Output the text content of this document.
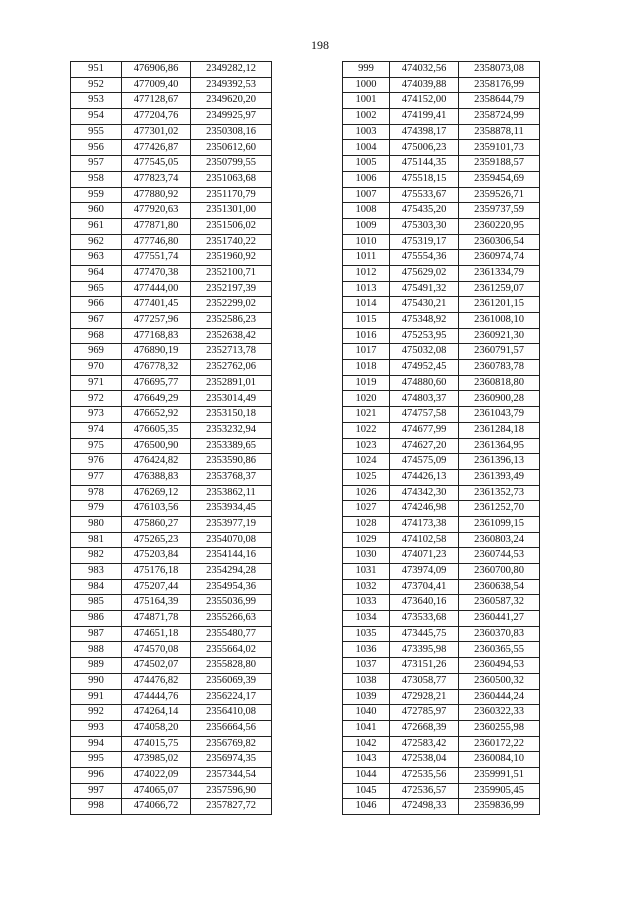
198
951	476906,86	2349282,12
952	477009,40	2349392,53
953	477128,67	2349620,20
954	477204,76	2349925,97
955	477301,02	2350308,16
956	477426,87	2350612,60
957	477545,05	2350799,55
958	477823,74	2351063,68
959	477880,92	2351170,79
960	477920,63	2351301,00
961	477871,80	2351506,02
962	477746,80	2351740,22
963	477551,74	2351960,92
964	477470,38	2352100,71
965	477444,00	2352197,39
966	477401,45	2352299,02
967	477257,96	2352586,23
968	477168,83	2352638,42
969	476890,19	2352713,78
970	476778,32	2352762,06
971	476695,77	2352891,01
972	476649,29	2353014,49
973	476652,92	2353150,18
974	476605,35	2353232,94
975	476500,90	2353389,65
976	476424,82	2353590,86
977	476388,83	2353768,37
978	476269,12	2353862,11
979	476103,56	2353934,45
980	475860,27	2353977,19
981	475265,23	2354070,08
982	475203,84	2354144,16
983	475176,18	2354294,28
984	475207,44	2354954,36
985	475164,39	2355036,99
986	474871,78	2355266,63
987	474651,18	2355480,77
988	474570,08	2355664,02
989	474502,07	2355828,80
990	474476,82	2356069,39
991	474444,76	2356224,17
992	474264,14	2356410,08
993	474058,20	2356664,56
994	474015,75	2356769,82
995	473985,02	2356974,35
996	474022,09	2357344,54
997	474065,07	2357596,90
998	474066,72	2357827,72
999	474032,56	2358073,08
1000	474039,88	2358176,99
1001	474152,00	2358644,79
1002	474199,41	2358724,99
1003	474398,17	2358878,11
1004	475006,23	2359101,73
1005	475144,35	2359188,57
1006	475518,15	2359454,69
1007	475533,67	2359526,71
1008	475435,20	2359737,59
1009	475303,30	2360220,95
1010	475319,17	2360306,54
1011	475554,36	2360974,74
1012	475629,02	2361334,79
1013	475491,32	2361259,07
1014	475430,21	2361201,15
1015	475348,92	2361008,10
1016	475253,95	2360921,30
1017	475032,08	2360791,57
1018	474952,45	2360783,78
1019	474880,60	2360818,80
1020	474803,37	2360900,28
1021	474757,58	2361043,79
1022	474677,99	2361284,18
1023	474627,20	2361364,95
1024	474575,09	2361396,13
1025	474426,13	2361393,49
1026	474342,30	2361352,73
1027	474246,98	2361252,70
1028	474173,38	2361099,15
1029	474102,58	2360803,24
1030	474071,23	2360744,53
1031	473974,09	2360700,80
1032	473704,41	2360638,54
1033	473640,16	2360587,32
1034	473533,68	2360441,27
1035	473445,75	2360370,83
1036	473395,98	2360365,55
1037	473151,26	2360494,53
1038	473058,77	2360500,32
1039	472928,21	2360444,24
1040	472785,97	2360322,33
1041	472668,39	2360255,98
1042	472583,42	2360172,22
1043	472538,04	2360084,10
1044	472535,56	2359991,51
1045	472536,57	2359905,45
1046	472498,33	2359836,99
